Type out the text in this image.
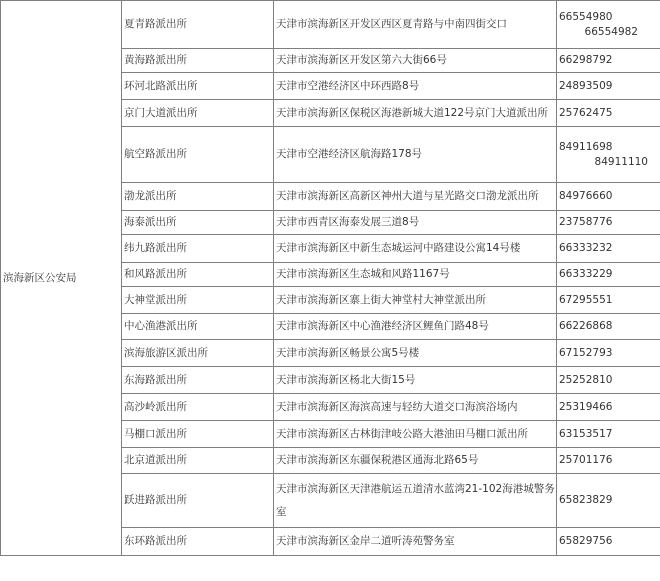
滨海新区公安局	夏青路派出所	天津市滨海新区开发区西区夏青路与中南四街交口	66554980
66554982

	黄海路派出所	天津市滨海新区开发区第六大街66号	66298792
	环河北路派出所	天津市空港经济区中环西路8号	24893509
	京门大道派出所	天津市滨海新区保税区海港新城大道122号京门大道派出所	25762475
	航空路派出所	天津市空港经济区航海路178号	84911698
84911110

	渤龙派出所	天津市滨海新区高新区神州大道与星光路交口渤龙派出所	84976660
	海泰派出所	天津市西青区海泰发展三道8号	23758776
	纬九路派出所	天津市滨海新区中新生态城运河中路建设公寓14号楼	66333232
	和风路派出所	天津市滨海新区生态城和风路1167号	66333229
	大神堂派出所	天津市滨海新区寨上街大神堂村大神堂派出所	67295551
	中心渔港派出所	天津市滨海新区中心渔港经济区鲤鱼门路48号	66226868
	滨海旅游区派出所	天津市滨海新区畅景公寓5号楼	67152793
	东海路派出所	天津市滨海新区杨北大街15号	25252810
	高沙岭派出所	天津市滨海新区海滨高速与轻纺大道交口海滨浴场内	25319466
	马棚口派出所	天津市滨海新区古林街津岐公路大港油田马棚口派出所	63153517
	北京道派出所	天津市滨海新区东疆保税港区通海北路65号	25701176
	跃进路派出所	天津市滨海新区天津港航运五道清水蓝湾21-102海港城警务室	65823829
	东环路派出所	天津市滨海新区金岸二道听涛苑警务室	65829756
